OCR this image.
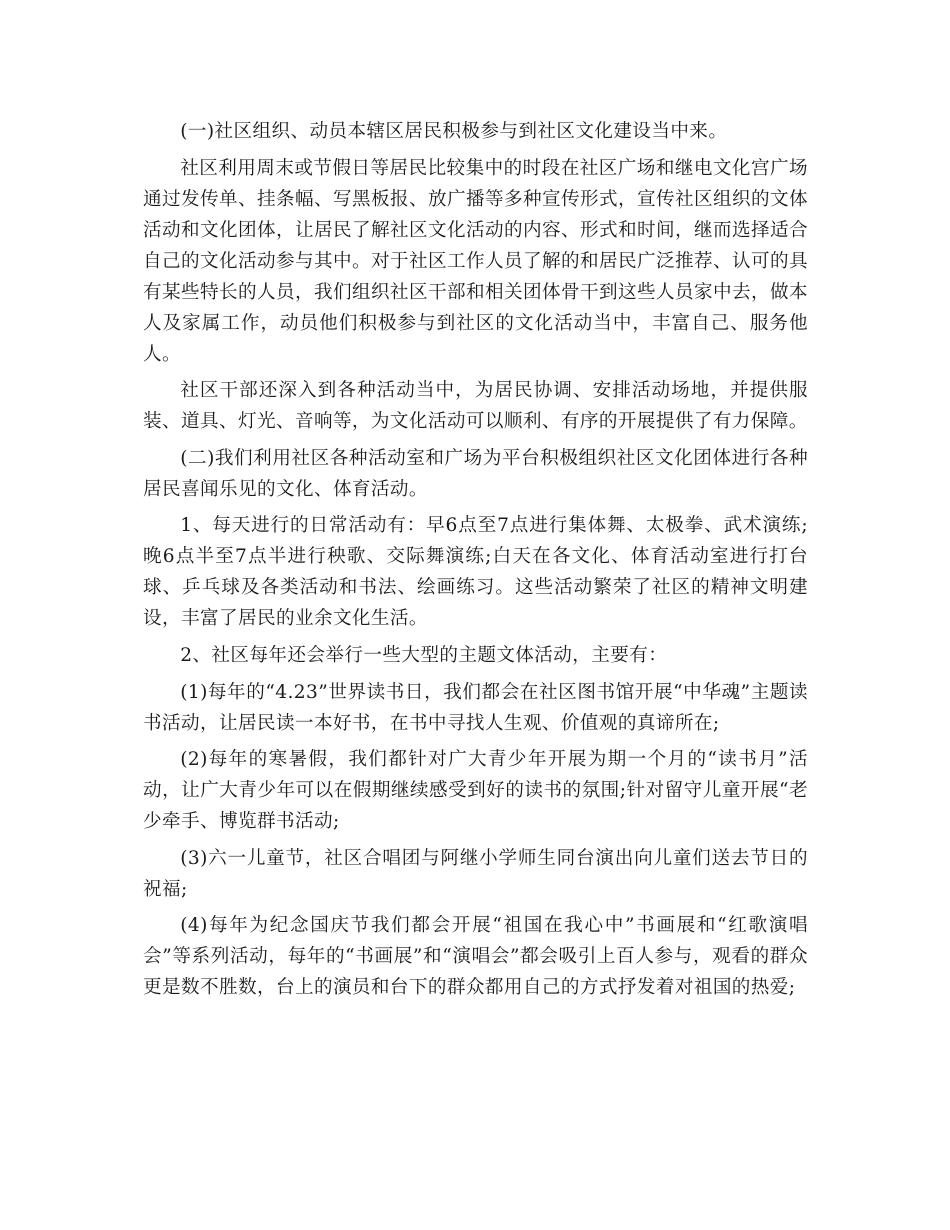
(一)社区组织、动员本辖区居民积极参与到社区文化建设当中来。

社区利用周末或节假日等居民比较集中的时段在社区广场和继电文化宫广场通过发传单、挂条幅、写黑板报、放广播等多种宣传形式，宣传社区组织的文体活动和文化团体，让居民了解社区文化活动的内容、形式和时间，继而选择适合自己的文化活动参与其中。对于社区工作人员了解的和居民广泛推荐、认可的具有某些特长的人员，我们组织社区干部和相关团体骨干到这些人员家中去，做本人及家属工作，动员他们积极参与到社区的文化活动当中，丰富自己、服务他人。

社区干部还深入到各种活动当中，为居民协调、安排活动场地，并提供服装、道具、灯光、音响等，为文化活动可以顺利、有序的开展提供了有力保障。

(二)我们利用社区各种活动室和广场为平台积极组织社区文化团体进行各种居民喜闻乐见的文化、体育活动。

1、每天进行的日常活动有：早6点至7点进行集体舞、太极拳、武术演练;晚6点半至7点半进行秧歌、交际舞演练;白天在各文化、体育活动室进行打台球、乒乓球及各类活动和书法、绘画练习。这些活动繁荣了社区的精神文明建设，丰富了居民的业余文化生活。

2、社区每年还会举行一些大型的主题文体活动，主要有：

(1)每年的“4.23”世界读书日，我们都会在社区图书馆开展“中华魂”主题读书活动，让居民读一本好书，在书中寻找人生观、价值观的真谛所在;

(2)每年的寒暑假，我们都针对广大青少年开展为期一个月的“读书月”活动，让广大青少年可以在假期继续感受到好的读书的氛围;针对留守儿童开展“老少牵手、博览群书活动;

(3)六一儿童节，社区合唱团与阿继小学师生同台演出向儿童们送去节日的祝福;

(4)每年为纪念国庆节我们都会开展“祖国在我心中”书画展和“红歌演唱会”等系列活动，每年的“书画展”和“演唱会”都会吸引上百人参与，观看的群众更是数不胜数，台上的演员和台下的群众都用自己的方式抒发着对祖国的热爱;
